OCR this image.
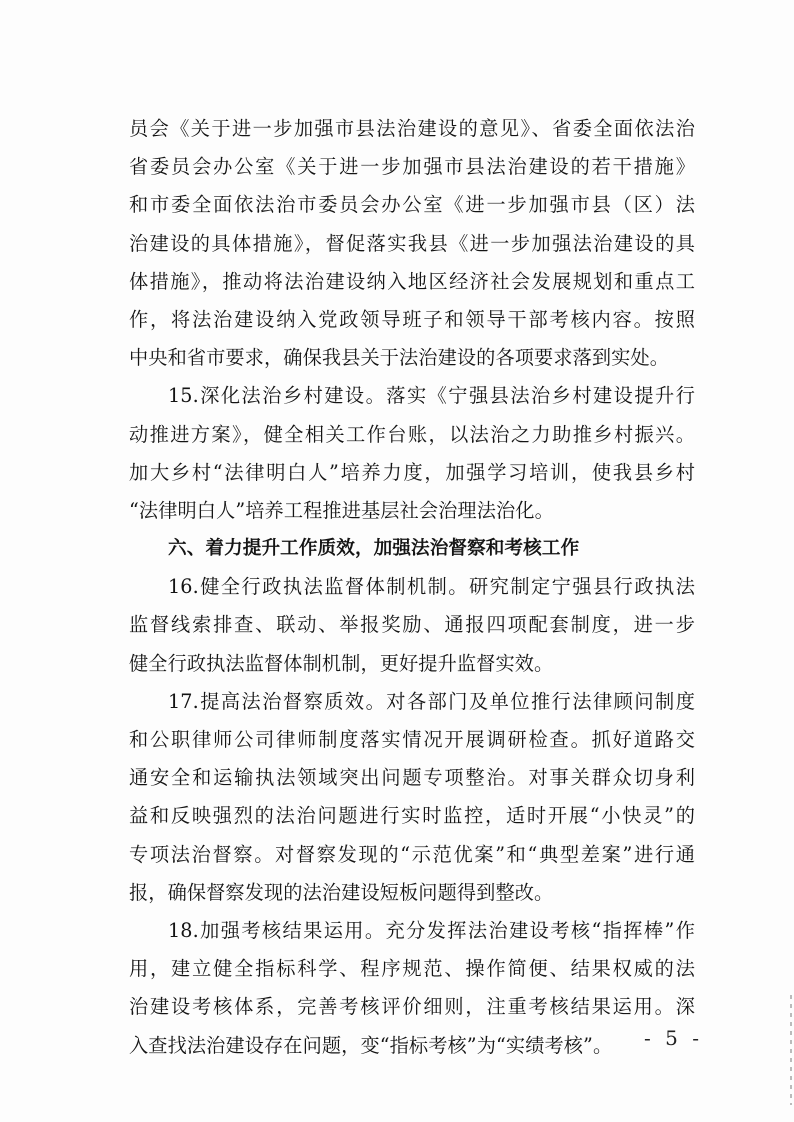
员会《关于进一步加强市县法治建设的意见》、省委全面依法治
省委员会办公室《关于进一步加强市县法治建设的若干措施》
和市委全面依法治市委员会办公室《进一步加强市县（区）法
治建设的具体措施》，督促落实我县《进一步加强法治建设的具
体措施》，推动将法治建设纳入地区经济社会发展规划和重点工
作，将法治建设纳入党政领导班子和领导干部考核内容。按照
中央和省市要求，确保我县关于法治建设的各项要求落到实处。
15.深化法治乡村建设。落实《宁强县法治乡村建设提升行
动推进方案》，健全相关工作台账，以法治之力助推乡村振兴。
加大乡村“法律明白人”培养力度，加强学习培训，使我县乡村
“法律明白人”培养工程推进基层社会治理法治化。
六、着力提升工作质效，加强法治督察和考核工作
16.健全行政执法监督体制机制。研究制定宁强县行政执法
监督线索排查、联动、举报奖励、通报四项配套制度，进一步
健全行政执法监督体制机制，更好提升监督实效。
17.提高法治督察质效。对各部门及单位推行法律顾问制度
和公职律师公司律师制度落实情况开展调研检查。抓好道路交
通安全和运输执法领域突出问题专项整治。对事关群众切身利
益和反映强烈的法治问题进行实时监控，适时开展“小快灵”的
专项法治督察。对督察发现的“示范优案”和“典型差案”进行通
报，确保督察发现的法治建设短板问题得到整改。
18.加强考核结果运用。充分发挥法治建设考核“指挥棒”作
用，建立健全指标科学、程序规范、操作简便、结果权威的法
治建设考核体系，完善考核评价细则，注重考核结果运用。深
入查找法治建设存在问题，变“指标考核”为“实绩考核”。	- 5 -
